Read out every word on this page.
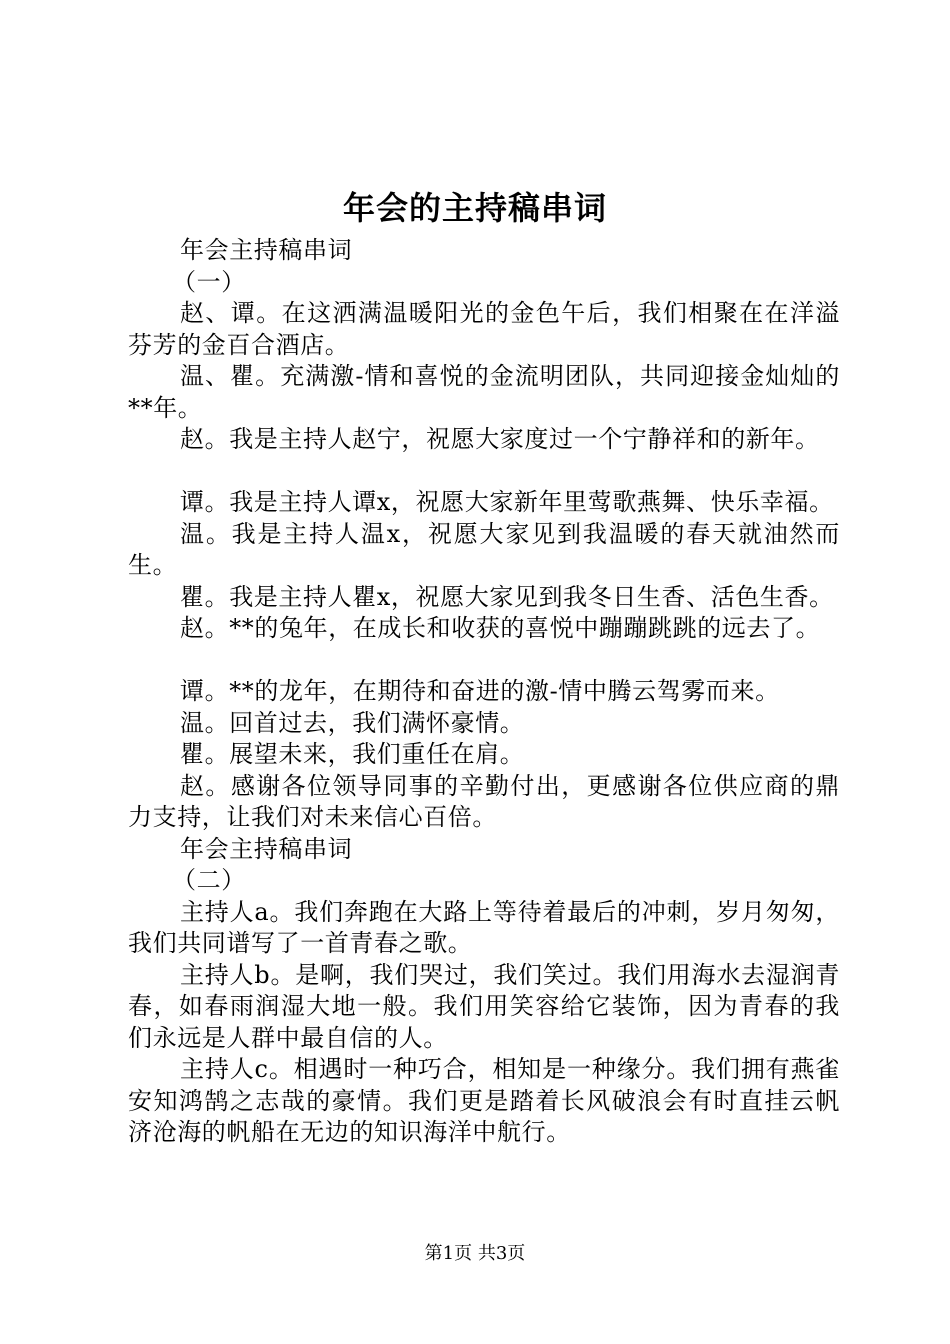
年会的主持稿串词

年会主持稿串词

（一）

赵、谭。在这洒满温暖阳光的金色午后，我们相聚在在洋溢芬芳的金百合酒店。

温、瞿。充满激-情和喜悦的金流明团队，共同迎接金灿灿的**年。

赵。我是主持人赵宁，祝愿大家度过一个宁静祥和的新年。

谭。我是主持人谭x，祝愿大家新年里莺歌燕舞、快乐幸福。

温。我是主持人温x，祝愿大家见到我温暖的春天就油然而生。

瞿。我是主持人瞿x，祝愿大家见到我冬日生香、活色生香。

赵。**的兔年，在成长和收获的喜悦中蹦蹦跳跳的远去了。

谭。**的龙年，在期待和奋进的激-情中腾云驾雾而来。

温。回首过去，我们满怀豪情。

瞿。展望未来，我们重任在肩。

赵。感谢各位领导同事的辛勤付出，更感谢各位供应商的鼎力支持，让我们对未来信心百倍。

年会主持稿串词

（二）

主持人a。我们奔跑在大路上等待着最后的冲刺，岁月匆匆，我们共同谱写了一首青春之歌。

主持人b。是啊，我们哭过，我们笑过。我们用海水去湿润青春，如春雨润湿大地一般。我们用笑容给它装饰，因为青春的我们永远是人群中最自信的人。

主持人c。相遇时一种巧合，相知是一种缘分。我们拥有燕雀安知鸿鹄之志哉的豪情。我们更是踏着长风破浪会有时直挂云帆济沧海的帆船在无边的知识海洋中航行。

第1页 共3页
